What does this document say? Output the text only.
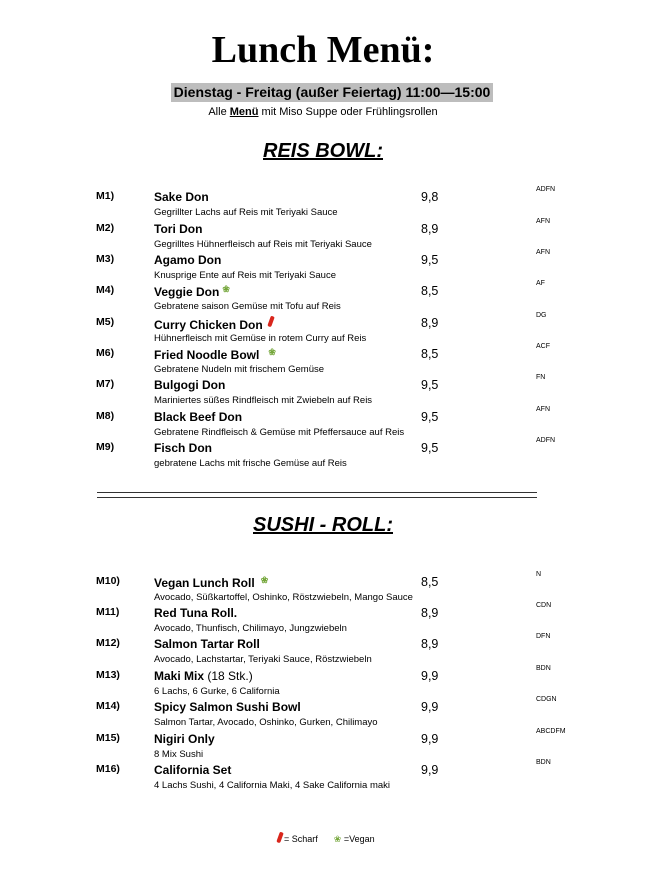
Lunch Menü:
Dienstag - Freitag (außer Feiertag) 11:00—15:00
Alle Menü mit Miso Suppe oder Frühlingsrollen
REIS BOWL:
M1)	Sake Don
Gegrillter Lachs auf Reis mit Teriyaki Sauce
9,8
ADFN
M2)	Tori Don
Gegrilltes Hühnerfleisch auf Reis mit Teriyaki Sauce
8,9
AFN
M3)	Agamo Don
Knusprige Ente auf Reis mit Teriyaki Sauce
9,5
AFN
M4)	Veggie Don ❀
Gebratene saison Gemüse mit Tofu auf Reis
8,5
AF
M5)	Curry Chicken Don
Hühnerfleisch mit Gemüse in rotem Curry auf Reis
8,9
DG
M6)	Fried Noodle Bowl ❀
Gebratene Nudeln mit frischem Gemüse
8,5
ACF
M7)	Bulgogi Don
Mariniertes süßes Rindfleisch mit Zwiebeln auf Reis
9,5
FN
M8)	Black Beef Don
Gebratene Rindfleisch & Gemüse mit Pfeffersauce auf Reis
9,5
AFN
M9)	Fisch Don
gebratene Lachs mit frische Gemüse auf Reis
9,5
ADFN
SUSHI - ROLL:
M10)	Vegan Lunch Roll ❀
Avocado, Süßkartoffel, Oshinko, Röstzwiebeln, Mango Sauce
8,5
N
M11)	Red Tuna Roll.
Avocado, Thunfisch, Chilimayo, Jungzwiebeln
8,9
CDN
M12)	Salmon Tartar Roll
Avocado, Lachstartar, Teriyaki Sauce, Röstzwiebeln
8,9
DFN
M13)	Maki Mix (18 Stk.)
6 Lachs, 6 Gurke, 6 California
9,9
BDN
M14)	Spicy Salmon Sushi Bowl
Salmon Tartar, Avocado, Oshinko, Gurken, Chilimayo
9,9
CDGN
M15)	Nigiri Only
8 Mix Sushi
9,9
ABCDFM
M16)	California Set
4 Lachs Sushi, 4 California Maki, 4 Sake California maki
9,9
BDN
= Scharf ❀ =Vegan
